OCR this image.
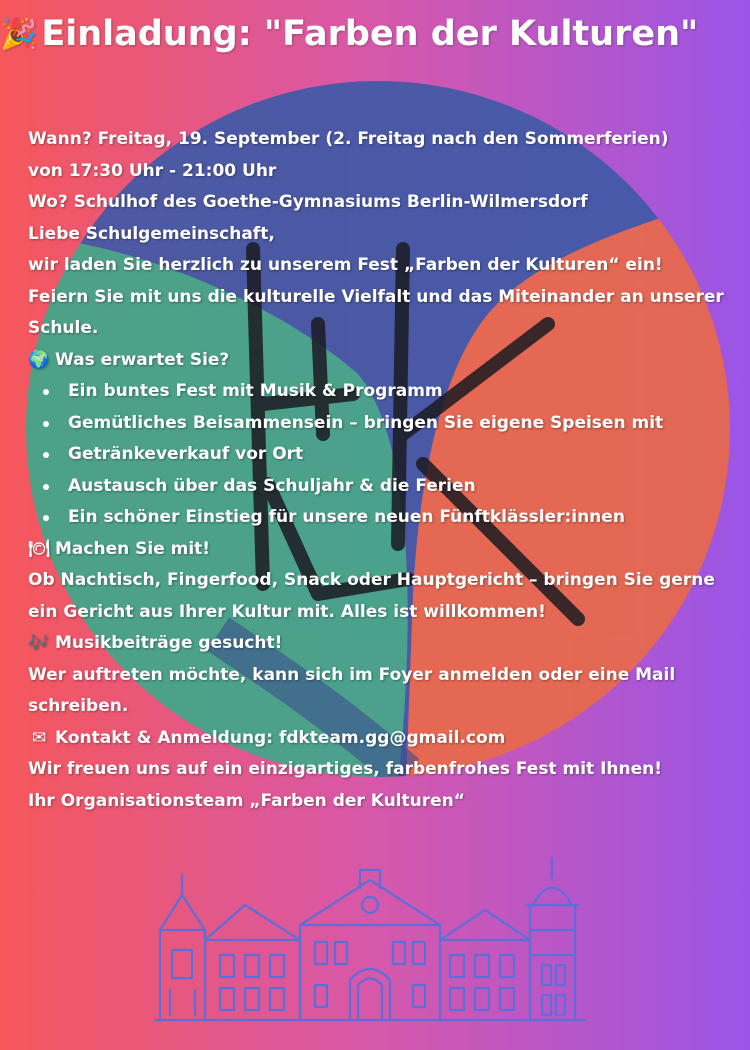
🎉 Einladung: "Farben der Kulturen"
Wann? Freitag, 19. September (2. Freitag nach den Sommerferien)
von 17:30 Uhr - 21:00 Uhr
Wo? Schulhof des Goethe-Gymnasiums Berlin-Wilmersdorf
Liebe Schulgemeinschaft,
wir laden Sie herzlich zu unserem Fest „Farben der Kulturen“ ein!
Feiern Sie mit uns die kulturelle Vielfalt und das Miteinander an unserer Schule.
🌍 Was erwartet Sie?
Ein buntes Fest mit Musik & Programm
Gemütliches Beisammensein – bringen Sie eigene Speisen mit
Getränkeverkauf vor Ort
Austausch über das Schuljahr & die Ferien
Ein schöner Einstieg für unsere neuen Fünftklässler:innen
🍽 Machen Sie mit!
Ob Nachtisch, Fingerfood, Snack oder Hauptgericht – bringen Sie gerne ein Gericht aus Ihrer Kultur mit. Alles ist willkommen!
🎶 Musikbeiträge gesucht!
Wer auftreten möchte, kann sich im Foyer anmelden oder eine Mail schreiben.
✉ Kontakt & Anmeldung: fdkteam.gg@gmail.com
Wir freuen uns auf ein einzigartiges, farbenfrohes Fest mit Ihnen!
Ihr Organisationsteam „Farben der Kulturen“
